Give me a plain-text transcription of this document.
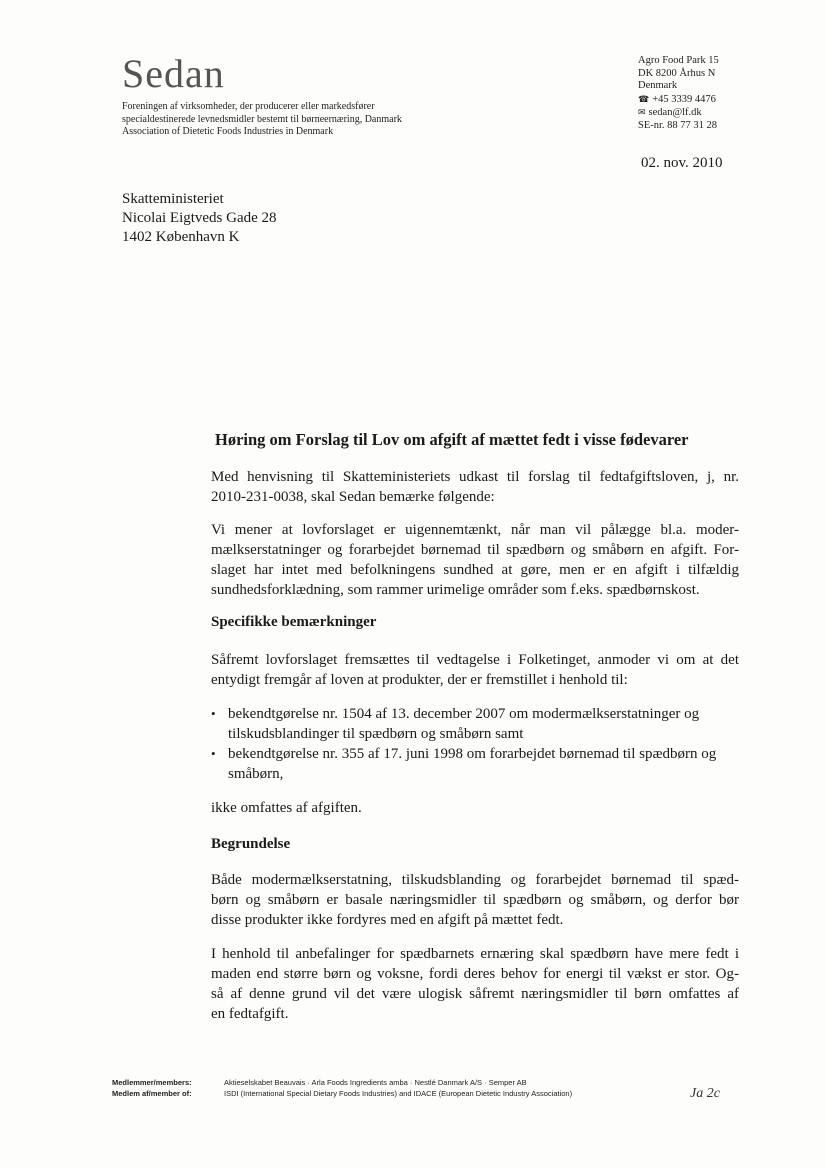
Sedan
Foreningen af virksomheder, der producerer eller markedsfører
specialdestinerede levnedsmidler bestemt til børneernæring, Danmark
Association of Dietetic Foods Industries in Denmark
Agro Food Park 15
DK 8200 Århus N
Denmark
☎ +45 3339 4476
✉ sedan@lf.dk
SE-nr. 88 77 31 28
02. nov. 2010
Skatteministeriet
Nicolai Eigtveds Gade 28
1402 København K
Høring om Forslag til Lov om afgift af mættet fedt i visse fødevarer
Med henvisning til Skatteministeriets udkast til forslag til fedtafgiftsloven, j, nr.
2010-231-0038, skal Sedan bemærke følgende:
Vi mener at lovforslaget er uigennemtænkt, når man vil pålægge bl.a. moder-
mælkserstatninger og forarbejdet børnemad til spædbørn og småbørn en afgift. For-
slaget har intet med befolkningens sundhed at gøre, men er en afgift i tilfældig
sundhedsforklædning, som rammer urimelige områder som f.eks. spædbørnskost.
Specifikke bemærkninger
Såfremt lovforslaget fremsættes til vedtagelse i Folketinget, anmoder vi om at det
entydigt fremgår af loven at produkter, der er fremstillet i henhold til:
• bekendtgørelse nr. 1504 af 13. december 2007 om modermælkserstatninger og tilskudsblandinger til spædbørn og småbørn samt
• bekendtgørelse nr. 355 af 17. juni 1998 om forarbejdet børnemad til spædbørn og småbørn,
ikke omfattes af afgiften.
Begrundelse
Både modermælkserstatning, tilskudsblanding og forarbejdet børnemad til spæd-
børn og småbørn er basale næringsmidler til spædbørn og småbørn, og derfor bør
disse produkter ikke fordyres med en afgift på mættet fedt.
I henhold til anbefalinger for spædbarnets ernæring skal spædbørn have mere fedt i
maden end større børn og voksne, fordi deres behov for energi til vækst er stor. Og-
så af denne grund vil det være ulogisk såfremt næringsmidler til børn omfattes af
en fedtafgift.
Medlemmer/members:	Aktieselskabet Beauvais · Arla Foods Ingredients amba · Nestlé Danmark A/S · Semper AB
Medlem af/member of:	ISDI (International Special Dietary Foods Industries) and IDACE (European Dietetic Industry Association)	Ja 2c
